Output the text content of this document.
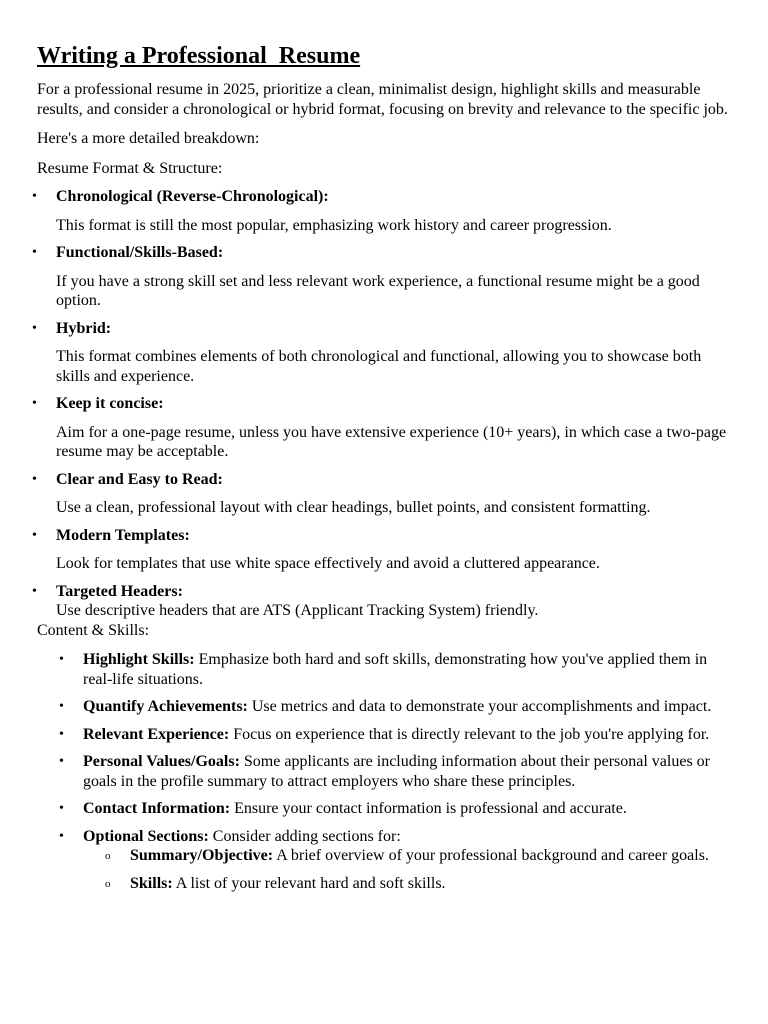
Writing a Professional  Resume

For a professional resume in 2025, prioritize a clean, minimalist design, highlight skills and measurable results, and consider a chronological or hybrid format, focusing on brevity and relevance to the specific job.

Here's a more detailed breakdown:

Resume Format & Structure:

• Chronological (Reverse-Chronological):
This format is still the most popular, emphasizing work history and career progression.
• Functional/Skills-Based:
If you have a strong skill set and less relevant work experience, a functional resume might be a good option.
• Hybrid:
This format combines elements of both chronological and functional, allowing you to showcase both skills and experience.
• Keep it concise:
Aim for a one-page resume, unless you have extensive experience (10+ years), in which case a two-page resume may be acceptable.
• Clear and Easy to Read:
Use a clean, professional layout with clear headings, bullet points, and consistent formatting.
• Modern Templates:
Look for templates that use white space effectively and avoid a cluttered appearance.
• Targeted Headers:
Use descriptive headers that are ATS (Applicant Tracking System) friendly.

Content & Skills:

• Highlight Skills: Emphasize both hard and soft skills, demonstrating how you've applied them in real-life situations.
• Quantify Achievements: Use metrics and data to demonstrate your accomplishments and impact.
• Relevant Experience: Focus on experience that is directly relevant to the job you're applying for.
• Personal Values/Goals: Some applicants are including information about their personal values or goals in the profile summary to attract employers who share these principles.
• Contact Information: Ensure your contact information is professional and accurate.
• Optional Sections: Consider adding sections for:
o Summary/Objective: A brief overview of your professional background and career goals.
o Skills: A list of your relevant hard and soft skills.
